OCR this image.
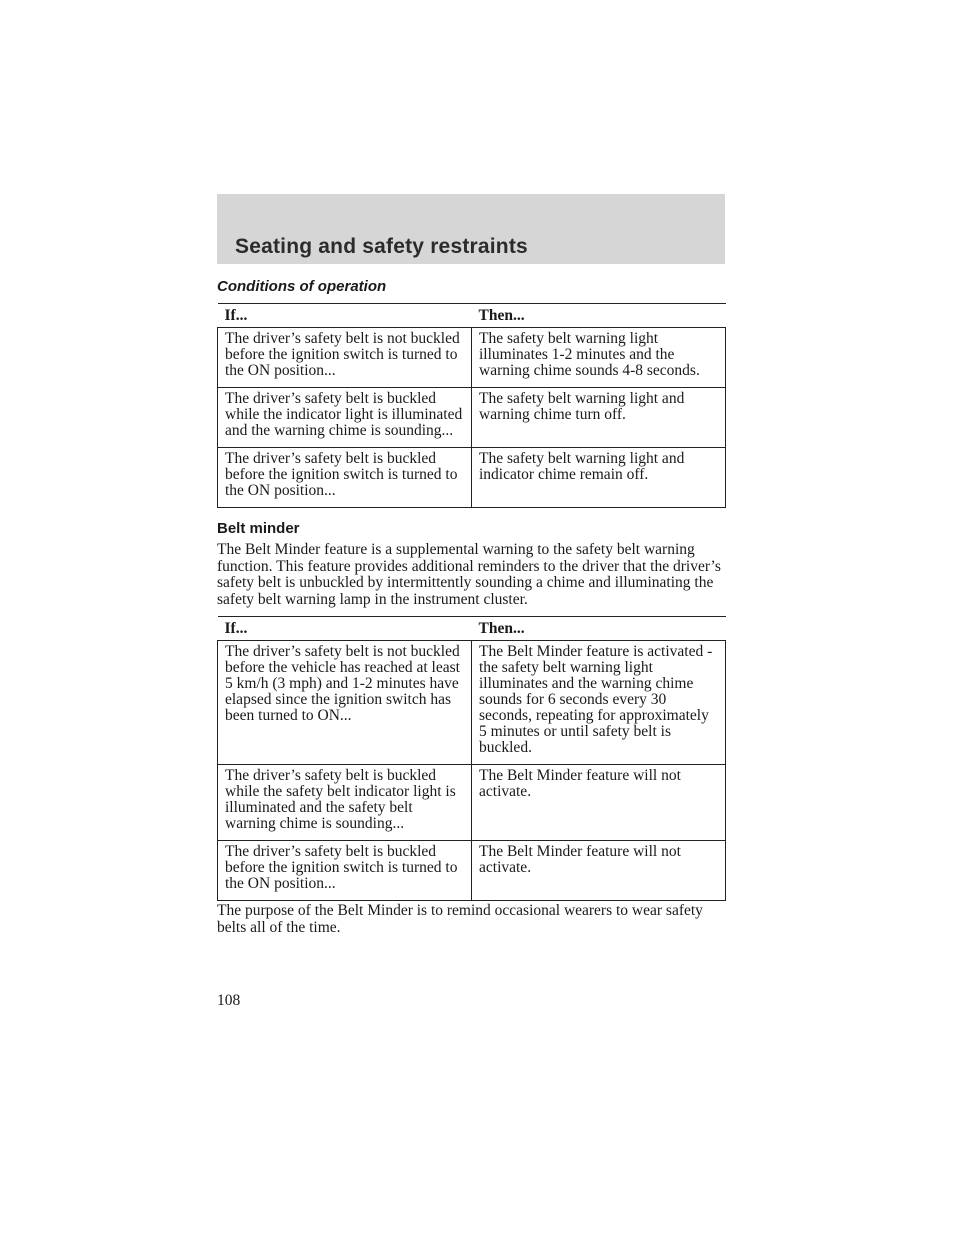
Seating and safety restraints
Conditions of operation
If...	Then...
The driver’s safety belt is not buckled before the ignition switch is turned to the ON position...	The safety belt warning light illuminates 1-2 minutes and the warning chime sounds 4-8 seconds.
The driver’s safety belt is buckled while the indicator light is illuminated and the warning chime is sounding...	The safety belt warning light and warning chime turn off.
The driver’s safety belt is buckled before the ignition switch is turned to the ON position...	The safety belt warning light and indicator chime remain off.
Belt minder

The Belt Minder feature is a supplemental warning to the safety belt warning function. This feature provides additional reminders to the driver that the driver’s safety belt is unbuckled by intermittently sounding a chime and illuminating the safety belt warning lamp in the instrument cluster.

If...	Then...
The driver’s safety belt is not buckled before the vehicle has reached at least 5 km/h (3 mph) and 1-2 minutes have elapsed since the ignition switch has been turned to ON...	The Belt Minder feature is activated - the safety belt warning light illuminates and the warning chime sounds for 6 seconds every 30 seconds, repeating for approximately 5 minutes or until safety belt is buckled.
The driver’s safety belt is buckled while the safety belt indicator light is illuminated and the safety belt warning chime is sounding...	The Belt Minder feature will not activate.
The driver’s safety belt is buckled before the ignition switch is turned to the ON position...	The Belt Minder feature will not activate.

The purpose of the Belt Minder is to remind occasional wearers to wear safety belts all of the time.

108
